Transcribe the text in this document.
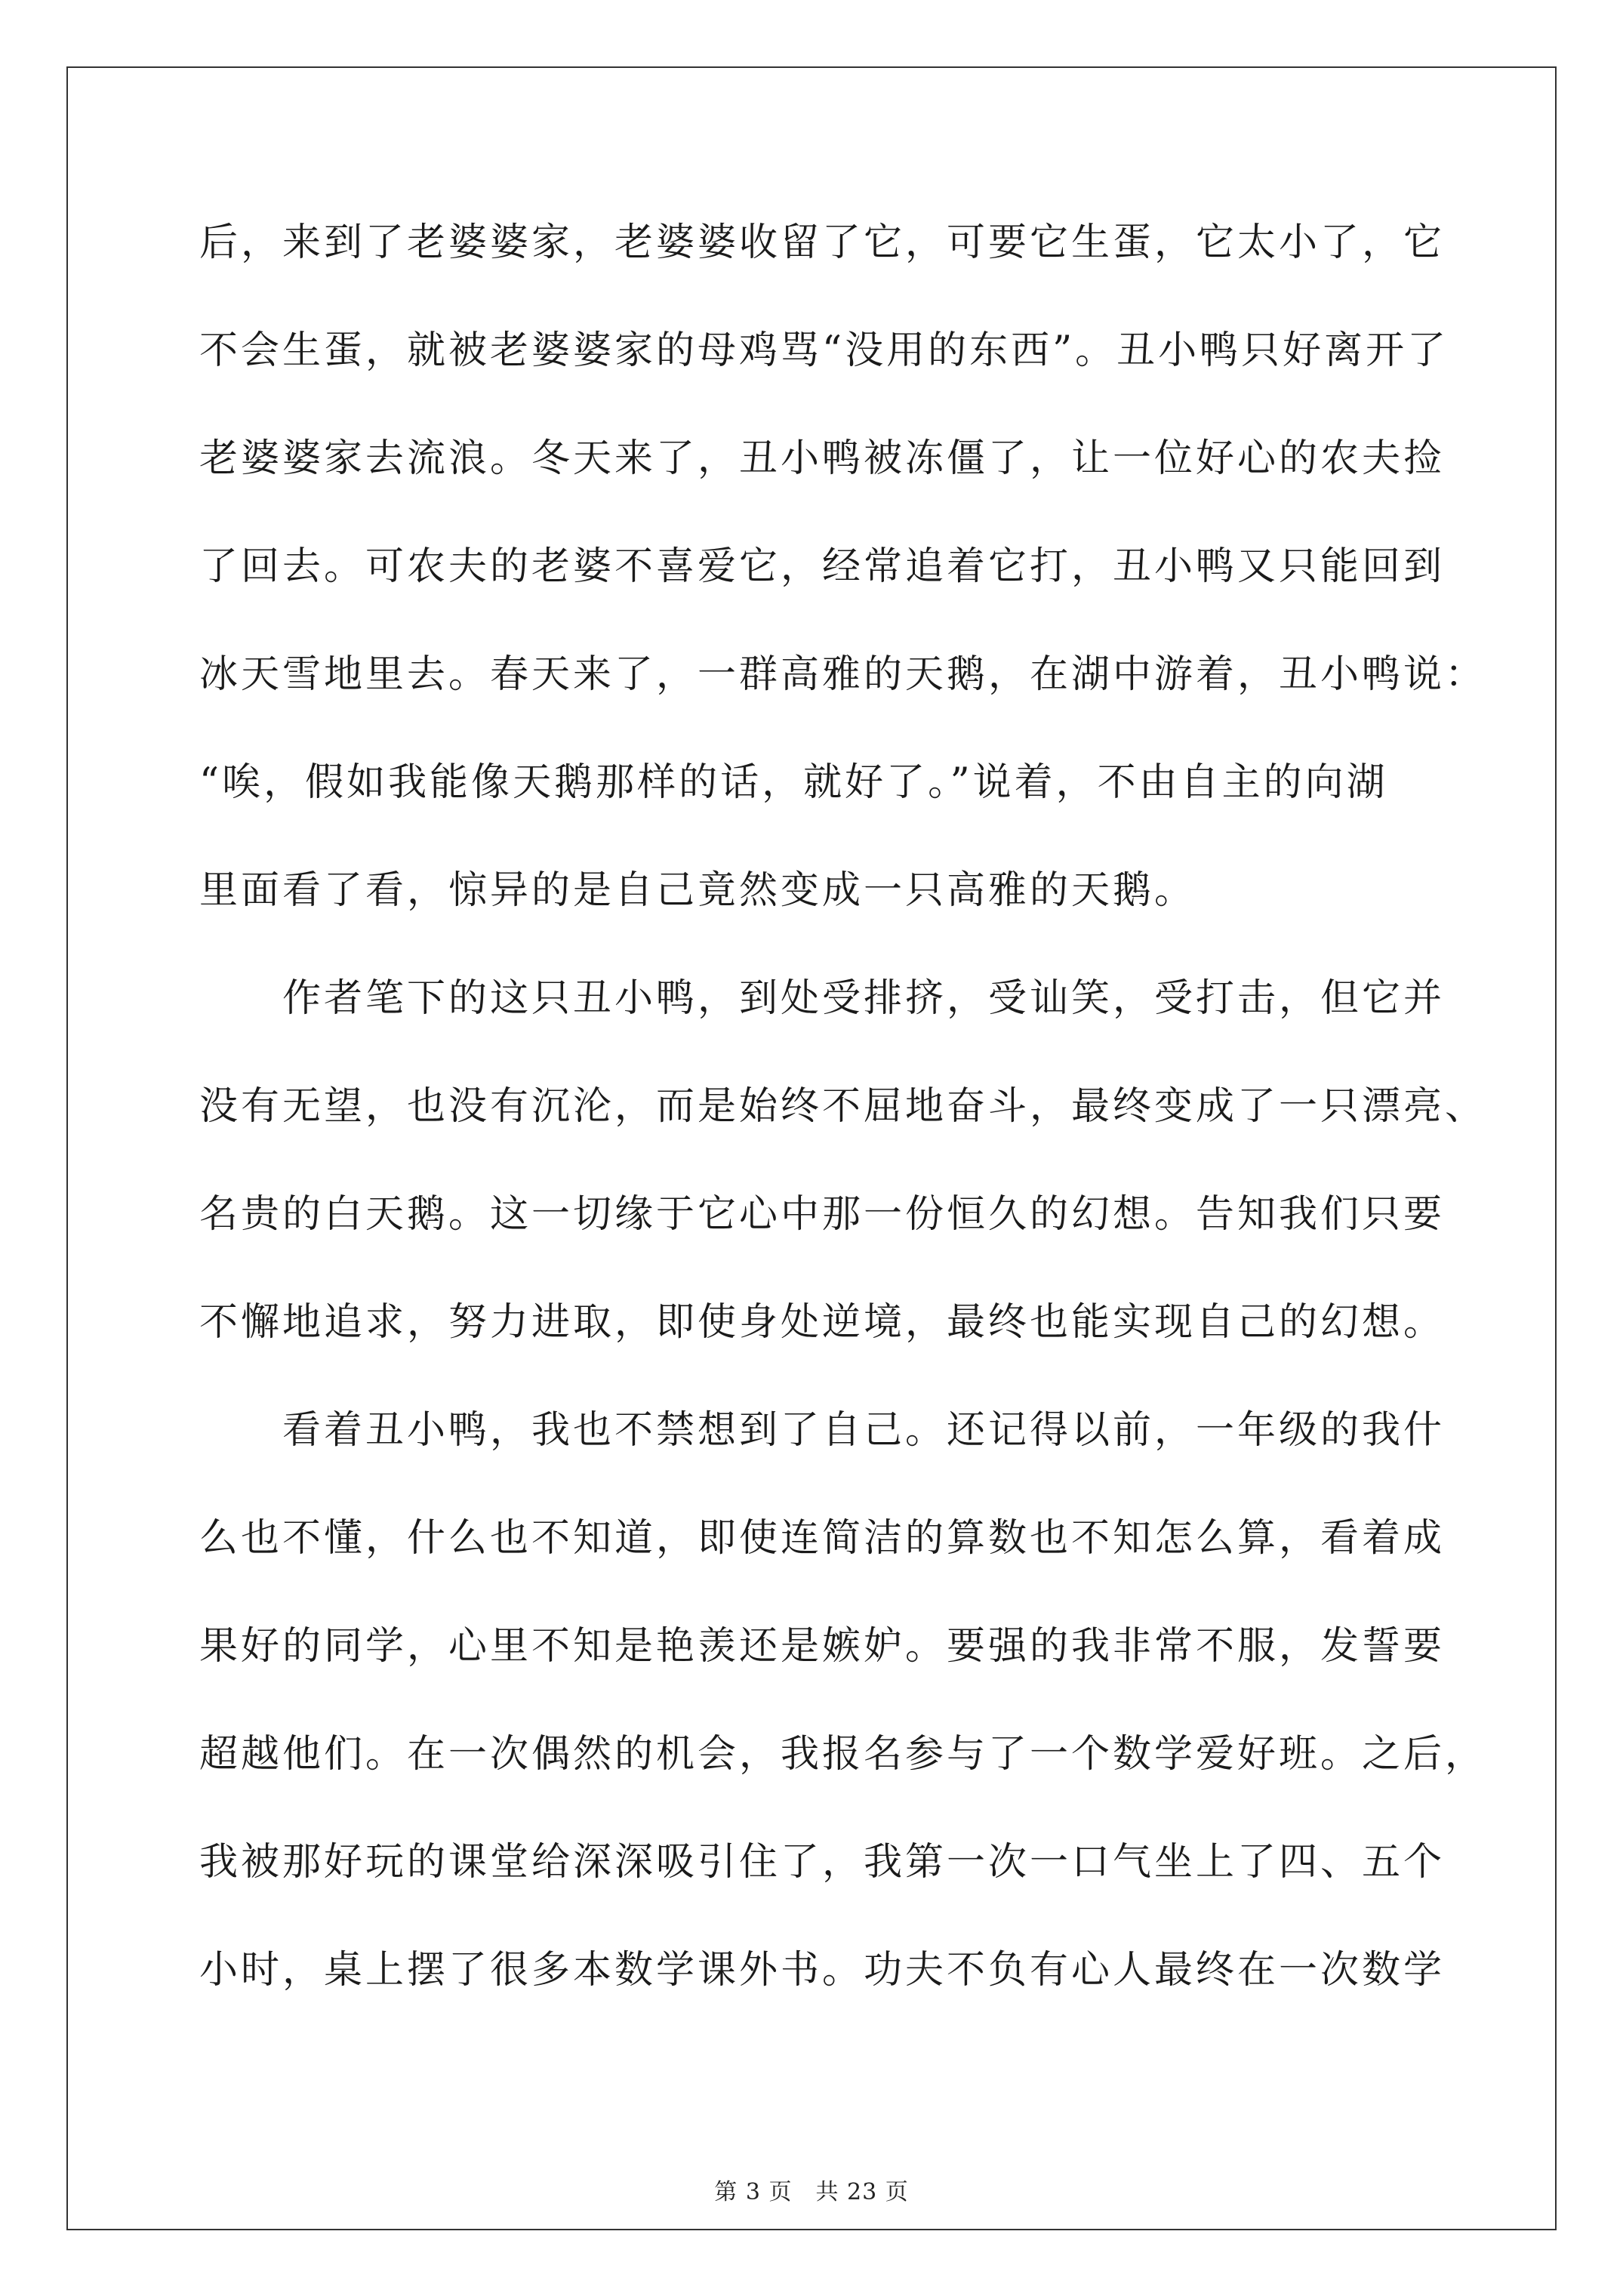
后，来到了老婆婆家，老婆婆收留了它，可要它生蛋，它太小了，它
不会生蛋，就被老婆婆家的母鸡骂“没用的东西”。丑小鸭只好离开了
老婆婆家去流浪。冬天来了，丑小鸭被冻僵了，让一位好心的农夫捡
了回去。可农夫的老婆不喜爱它，经常追着它打，丑小鸭又只能回到
冰天雪地里去。春天来了，一群高雅的天鹅，在湖中游着，丑小鸭说：
“唉，假如我能像天鹅那样的话，就好了。”说着，不由自主的向湖
里面看了看，惊异的是自己竟然变成一只高雅的天鹅。
　　作者笔下的这只丑小鸭，到处受排挤，受讪笑，受打击，但它并
没有无望，也没有沉沦，而是始终不屈地奋斗，最终变成了一只漂亮、
名贵的白天鹅。这一切缘于它心中那一份恒久的幻想。告知我们只要
不懈地追求，努力进取，即使身处逆境，最终也能实现自己的幻想。
　　看着丑小鸭，我也不禁想到了自己。还记得以前，一年级的我什
么也不懂，什么也不知道，即使连简洁的算数也不知怎么算，看着成
果好的同学，心里不知是艳羡还是嫉妒。要强的我非常不服，发誓要
超越他们。在一次偶然的机会，我报名参与了一个数学爱好班。之后，
我被那好玩的课堂给深深吸引住了，我第一次一口气坐上了四、五个
小时，桌上摆了很多本数学课外书。功夫不负有心人最终在一次数学
第 3 页　共 23 页
